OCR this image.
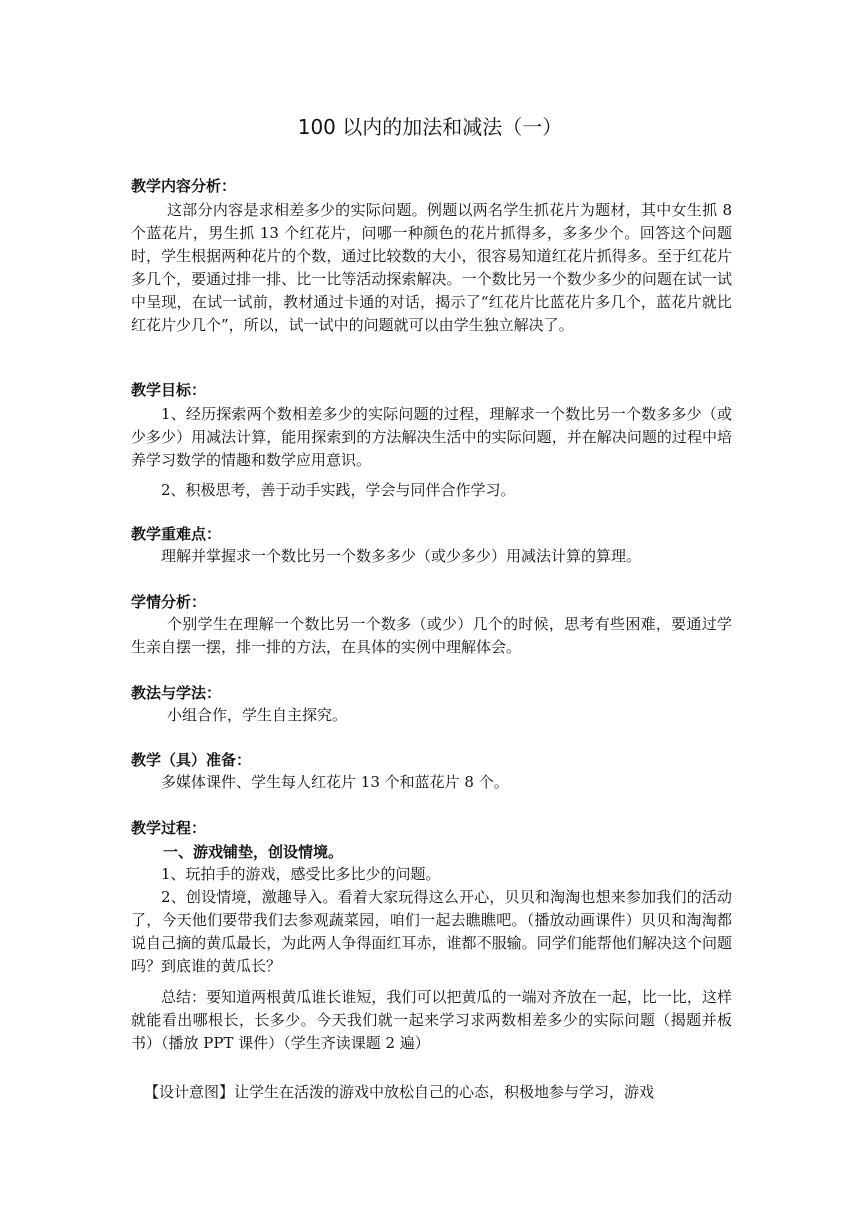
100 以内的加法和减法（一）
教学内容分析：
这部分内容是求相差多少的实际问题。例题以两名学生抓花片为题材，其中女生抓 8 个蓝花片，男生抓 13 个红花片，问哪一种颜色的花片抓得多，多多少个。回答这个问题时，学生根据两种花片的个数，通过比较数的大小，很容易知道红花片抓得多。至于红花片多几个，要通过排一排、比一比等活动探索解决。一个数比另一个数少多少的问题在试一试中呈现，在试一试前，教材通过卡通的对话，揭示了“红花片比蓝花片多几个，蓝花片就比红花片少几个”，所以，试一试中的问题就可以由学生独立解决了。
教学目标：
1、经历探索两个数相差多少的实际问题的过程，理解求一个数比另一个数多多少（或少多少）用减法计算，能用探索到的方法解决生活中的实际问题，并在解决问题的过程中培养学习数学的情趣和数学应用意识。
2、积极思考，善于动手实践，学会与同伴合作学习。
教学重难点：
理解并掌握求一个数比另一个数多多少（或少多少）用减法计算的算理。
学情分析：
个别学生在理解一个数比另一个数多（或少）几个的时候，思考有些困难，要通过学生亲自摆一摆，排一排的方法，在具体的实例中理解体会。
教法与学法：
小组合作，学生自主探究。
教学（具）准备：
多媒体课件、学生每人红花片 13 个和蓝花片 8 个。
教学过程：
一、游戏铺垫，创设情境。
1、玩拍手的游戏，感受比多比少的问题。
2、创设情境，激趣导入。看着大家玩得这么开心，贝贝和淘淘也想来参加我们的活动了，今天他们要带我们去参观蔬菜园，咱们一起去瞧瞧吧。（播放动画课件）贝贝和淘淘都说自己摘的黄瓜最长，为此两人争得面红耳赤，谁都不服输。同学们能帮他们解决这个问题吗？到底谁的黄瓜长？
总结：要知道两根黄瓜谁长谁短，我们可以把黄瓜的一端对齐放在一起，比一比，这样就能看出哪根长，长多少。今天我们就一起来学习求两数相差多少的实际问题（揭题并板书）（播放 PPT 课件）（学生齐读课题 2 遍）
【设计意图】让学生在活泼的游戏中放松自己的心态，积极地参与学习，游戏
